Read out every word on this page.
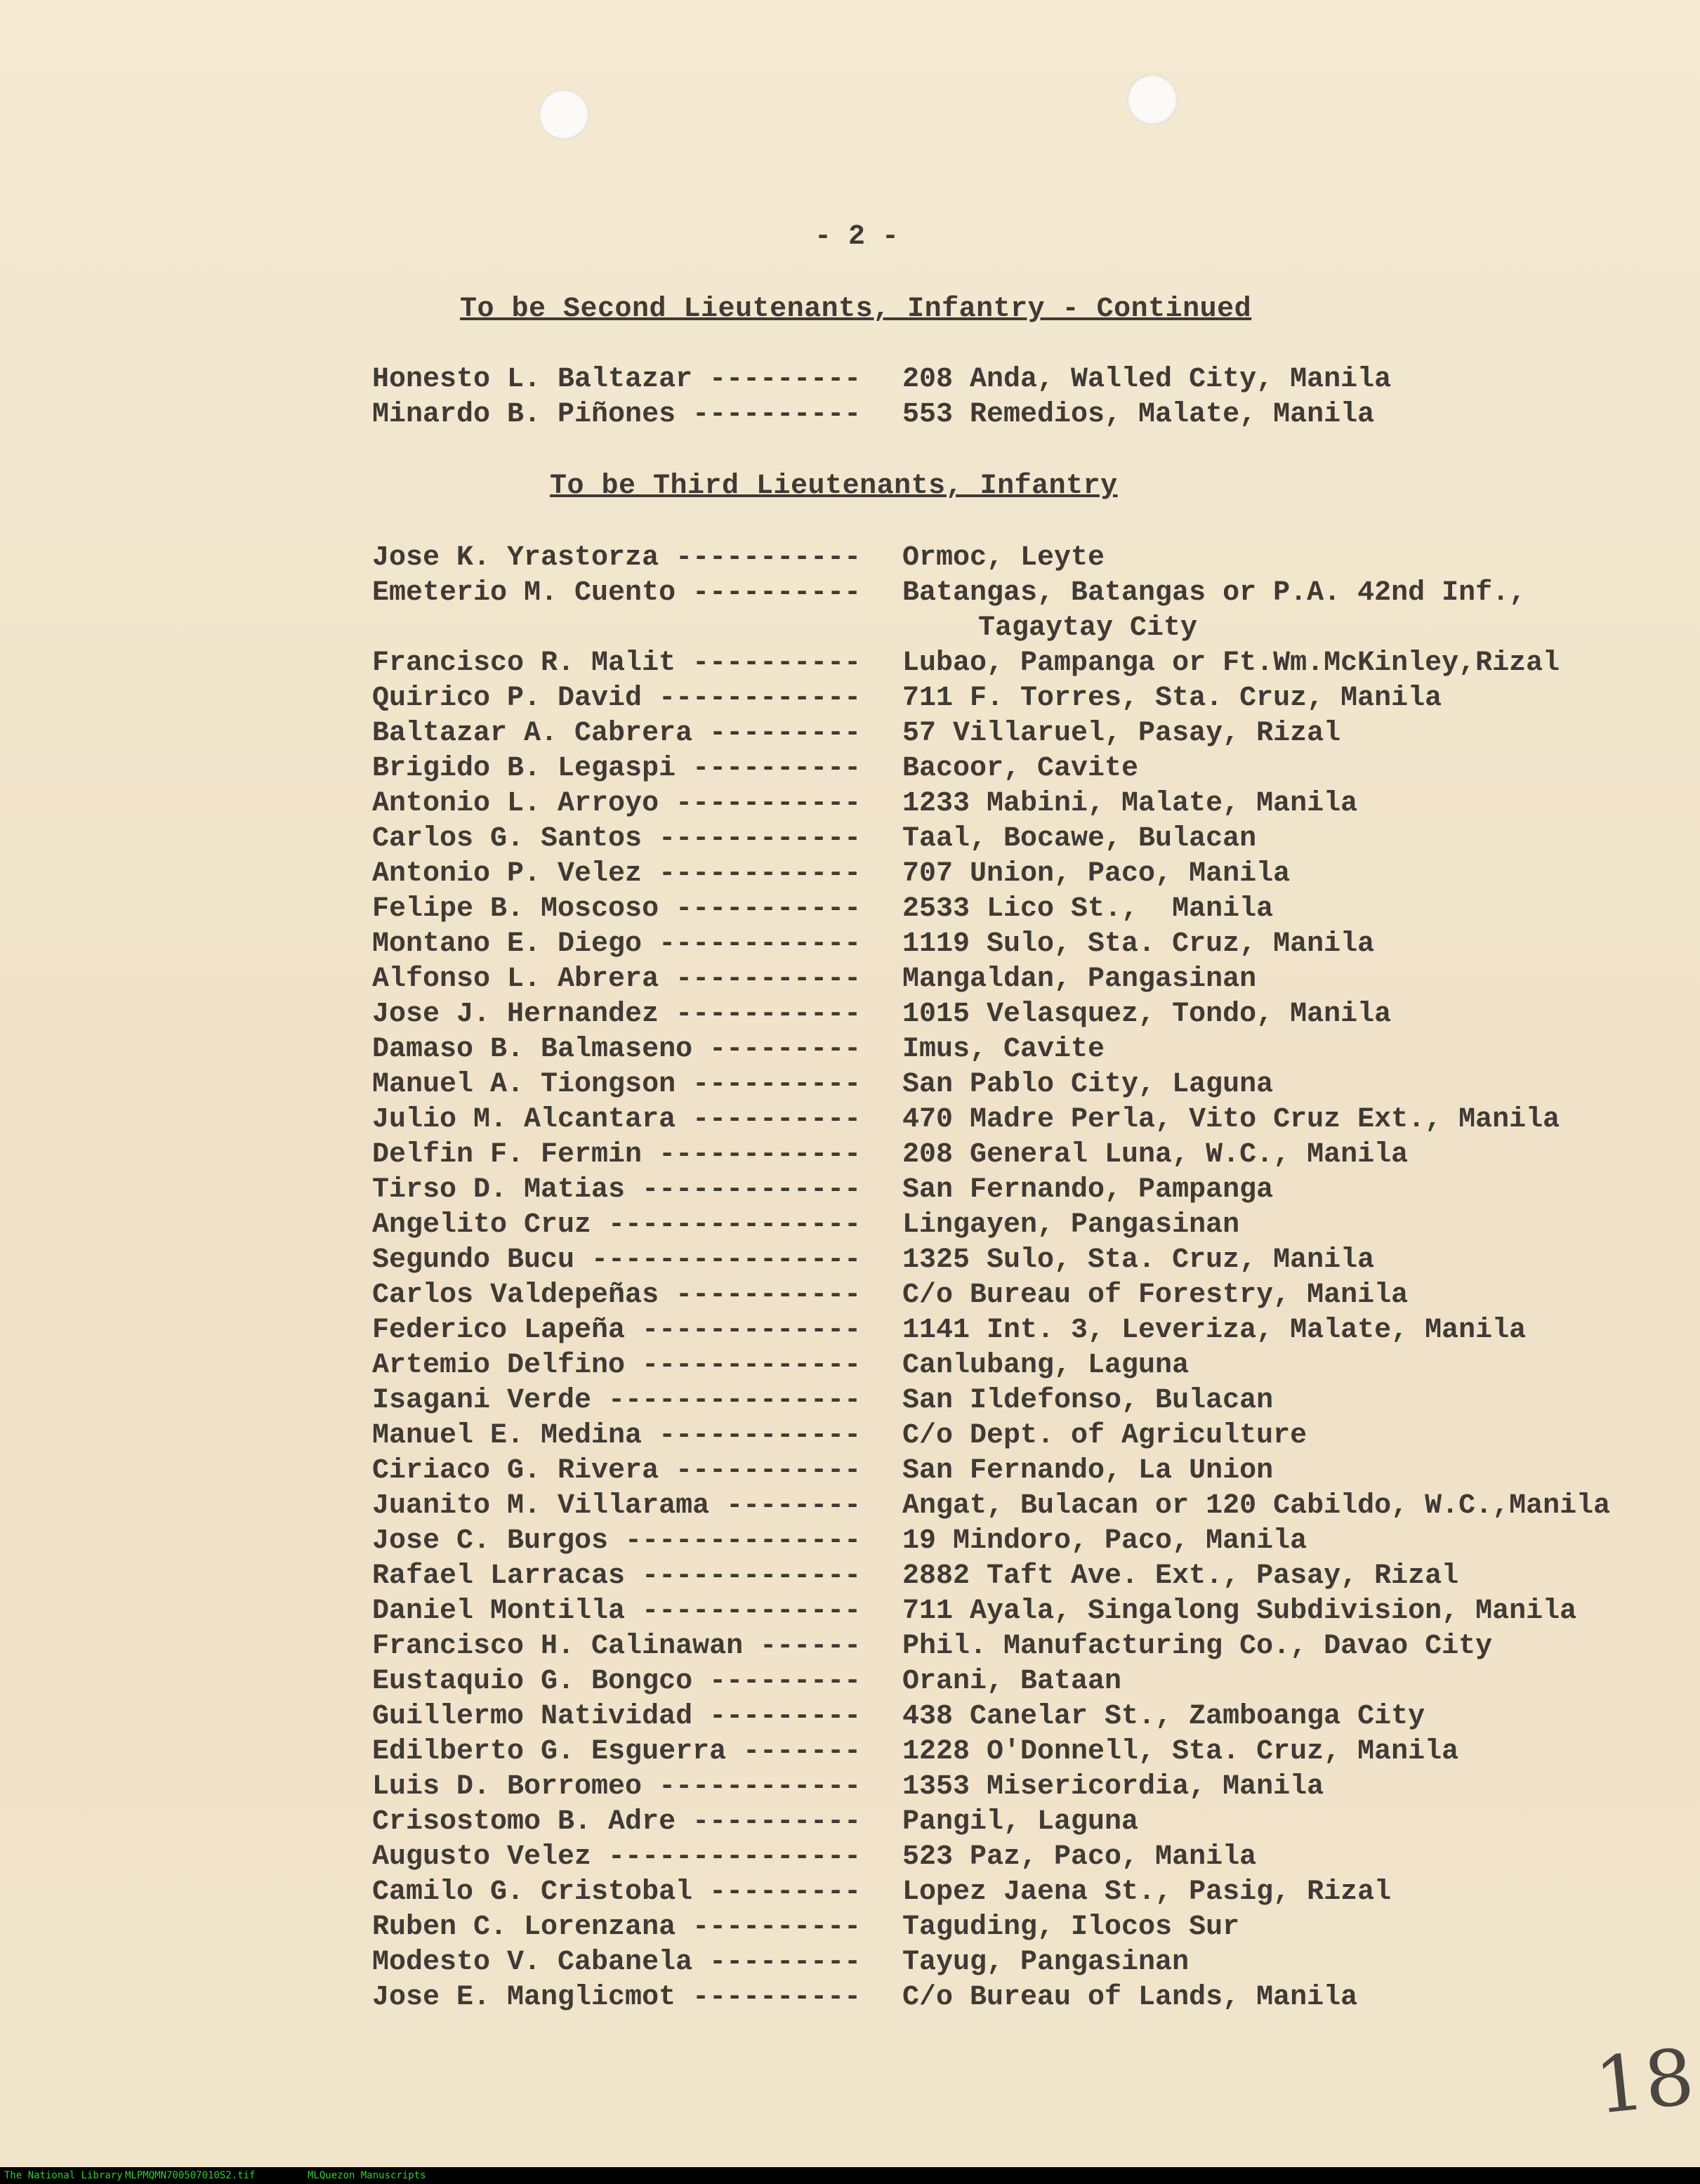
- 2 -
To be Second Lieutenants, Infantry - Continued
Honesto L. Baltazar ---------	208 Anda, Walled City, Manila
Minardo B. Piñones ----------	553 Remedios, Malate, Manila
To be Third Lieutenants, Infantry
Jose K. Yrastorza -----------	Ormoc, Leyte
Emeterio M. Cuento ----------	Batangas, Batangas or P.A. 42nd Inf.,
Tagaytay City
Francisco R. Malit ----------	Lubao, Pampanga or Ft.Wm.McKinley,Rizal
Quirico P. David ------------	711 F. Torres, Sta. Cruz, Manila
Baltazar A. Cabrera ---------	57 Villaruel, Pasay, Rizal
Brigido B. Legaspi ----------	Bacoor, Cavite
Antonio L. Arroyo -----------	1233 Mabini, Malate, Manila
Carlos G. Santos ------------	Taal, Bocawe, Bulacan
Antonio P. Velez ------------	707 Union, Paco, Manila
Felipe B. Moscoso -----------	2533 Lico St.,  Manila
Montano E. Diego ------------	1119 Sulo, Sta. Cruz, Manila
Alfonso L. Abrera -----------	Mangaldan, Pangasinan
Jose J. Hernandez -----------	1015 Velasquez, Tondo, Manila
Damaso B. Balmaseno ---------	Imus, Cavite
Manuel A. Tiongson ----------	San Pablo City, Laguna
Julio M. Alcantara ----------	470 Madre Perla, Vito Cruz Ext., Manila
Delfin F. Fermin ------------	208 General Luna, W.C., Manila
Tirso D. Matias -------------	San Fernando, Pampanga
Angelito Cruz ---------------	Lingayen, Pangasinan
Segundo Bucu ----------------	1325 Sulo, Sta. Cruz, Manila
Carlos Valdepeñas -----------	C/o Bureau of Forestry, Manila
Federico Lapeña -------------	1141 Int. 3, Leveriza, Malate, Manila
Artemio Delfino -------------	Canlubang, Laguna
Isagani Verde ---------------	San Ildefonso, Bulacan
Manuel E. Medina ------------	C/o Dept. of Agriculture
Ciriaco G. Rivera -----------	San Fernando, La Union
Juanito M. Villarama --------	Angat, Bulacan or 120 Cabildo, W.C.,Manila
Jose C. Burgos --------------	19 Mindoro, Paco, Manila
Rafael Larracas -------------	2882 Taft Ave. Ext., Pasay, Rizal
Daniel Montilla -------------	711 Ayala, Singalong Subdivision, Manila
Francisco H. Calinawan ------	Phil. Manufacturing Co., Davao City
Eustaquio G. Bongco ---------	Orani, Bataan
Guillermo Natividad ---------	438 Canelar St., Zamboanga City
Edilberto G. Esguerra -------	1228 O'Donnell, Sta. Cruz, Manila
Luis D. Borromeo ------------	1353 Misericordia, Manila
Crisostomo B. Adre ----------	Pangil, Laguna
Augusto Velez ---------------	523 Paz, Paco, Manila
Camilo G. Cristobal ---------	Lopez Jaena St., Pasig, Rizal
Ruben C. Lorenzana ----------	Taguding, Ilocos Sur
Modesto V. Cabanela ---------	Tayug, Pangasinan
Jose E. Manglicmot ----------	C/o Bureau of Lands, Manila
18
The National Library MLPMQMN700507010S2.tif	MLQuezon Manuscripts
